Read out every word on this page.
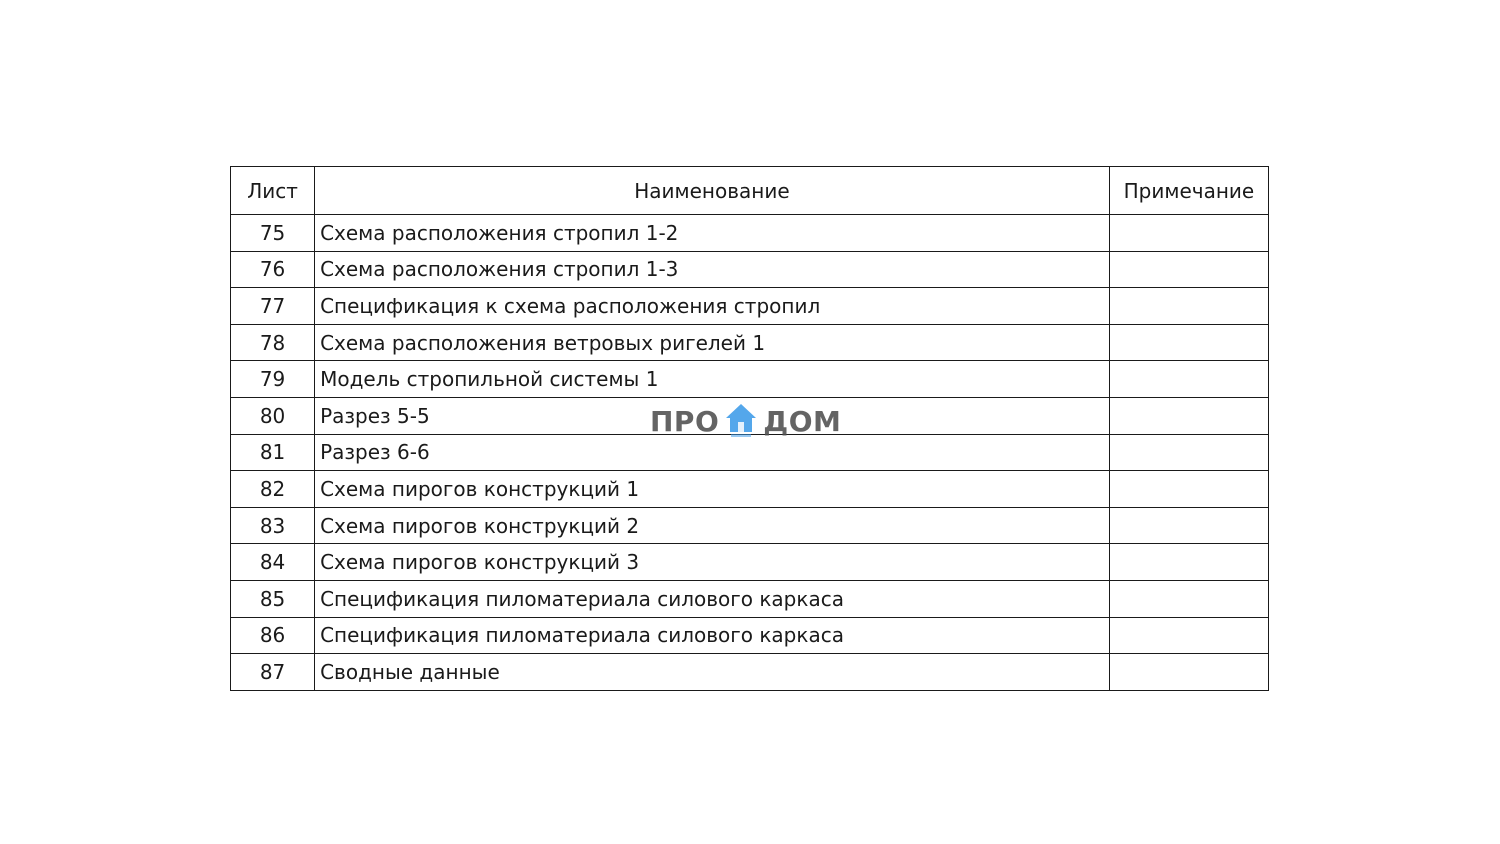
Лист	Наименование	Примечание
75	Схема расположения стропил 1-2	
76	Схема расположения стропил 1-3	
77	Спецификация к схема расположения стропил	
78	Схема расположения ветровых ригелей 1	
79	Модель стропильной системы 1	
80	Разрез 5-5	
81	Разрез 6-6	
82	Схема пирогов конструкций 1	
83	Схема пирогов конструкций 2	
84	Схема пирогов конструкций 3	
85	Спецификация пиломатериала силового каркаса	
86	Спецификация пиломатериала силового каркаса	
87	Сводные данные	
ПРО ДОМ
